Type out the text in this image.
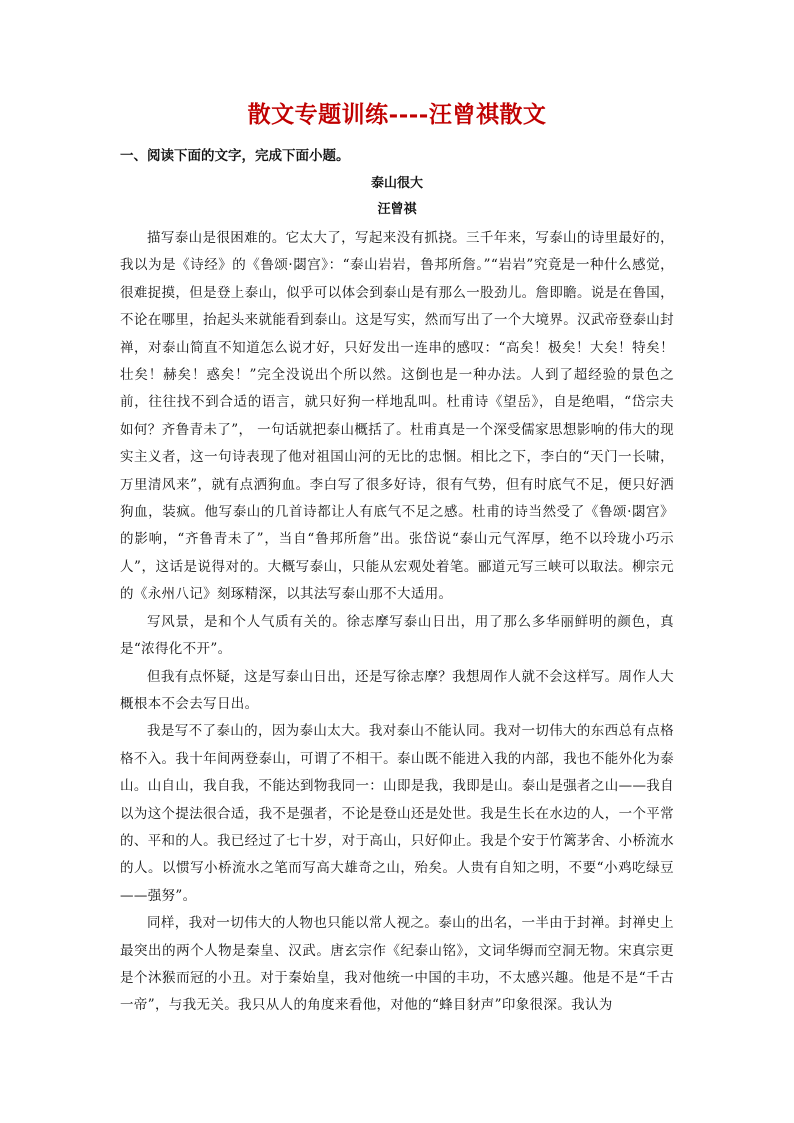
散文专题训练----汪曾祺散文
一、阅读下面的文字，完成下面小题。
泰山很大
汪曾祺

描写泰山是很困难的。它太大了，写起来没有抓挠。三千年来，写泰山的诗里最好的，我以为是《诗经》的《鲁颂·閟宫》：“泰山岩岩，鲁邦所詹。”“岩岩”究竟是一种什么感觉，很难捉摸，但是登上泰山，似乎可以体会到泰山是有那么一股劲儿。詹即瞻。说是在鲁国，不论在哪里，抬起头来就能看到泰山。这是写实，然而写出了一个大境界。汉武帝登泰山封禅，对泰山简直不知道怎么说才好，只好发出一连串的感叹：“高矣！极矣！大矣！特矣！壮矣！赫矣！惑矣！”完全没说出个所以然。这倒也是一种办法。人到了超经验的景色之前，往往找不到合适的语言，就只好狗一样地乱叫。杜甫诗《望岳》，自是绝唱，“岱宗夫如何？齐鲁青未了”， 一句话就把泰山概括了。杜甫真是一个深受儒家思想影响的伟大的现实主义者，这一句诗表现了他对祖国山河的无比的忠悃。相比之下，李白的“天门一长啸，万里清风来”，就有点洒狗血。李白写了很多好诗，很有气势，但有时底气不足，便只好洒狗血，装疯。他写泰山的几首诗都让人有底气不足之感。杜甫的诗当然受了《鲁颂·閟宫》的影响，“齐鲁青未了”，当自“鲁邦所詹”出。张岱说“泰山元气浑厚，绝不以玲珑小巧示人”，这话是说得对的。大概写泰山，只能从宏观处着笔。郦道元写三峡可以取法。柳宗元的《永州八记》刻琢精深，以其法写泰山那不大适用。

写风景，是和个人气质有关的。徐志摩写泰山日出，用了那么多华丽鲜明的颜色，真是“浓得化不开”。

但我有点怀疑，这是写泰山日出，还是写徐志摩？我想周作人就不会这样写。周作人大概根本不会去写日出。

我是写不了泰山的，因为泰山太大。我对泰山不能认同。我对一切伟大的东西总有点格格不入。我十年间两登泰山，可谓了不相干。泰山既不能进入我的内部，我也不能外化为泰山。山自山，我自我，不能达到物我同一：山即是我，我即是山。泰山是强者之山——我自以为这个提法很合适，我不是强者，不论是登山还是处世。我是生长在水边的人，一个平常的、平和的人。我已经过了七十岁，对于高山，只好仰止。我是个安于竹篱茅舍、小桥流水的人。以惯写小桥流水之笔而写高大雄奇之山，殆矣。人贵有自知之明，不要“小鸡吃绿豆——强努”。

同样，我对一切伟大的人物也只能以常人视之。泰山的出名，一半由于封禅。封禅史上最突出的两个人物是秦皇、汉武。唐玄宗作《纪泰山铭》，文词华缛而空洞无物。宋真宗更是个沐猴而冠的小丑。对于秦始皇，我对他统一中国的丰功，不太感兴趣。他是不是“千古一帝”，与我无关。我只从人的角度来看他，对他的“蜂目豺声”印象很深。我认为
